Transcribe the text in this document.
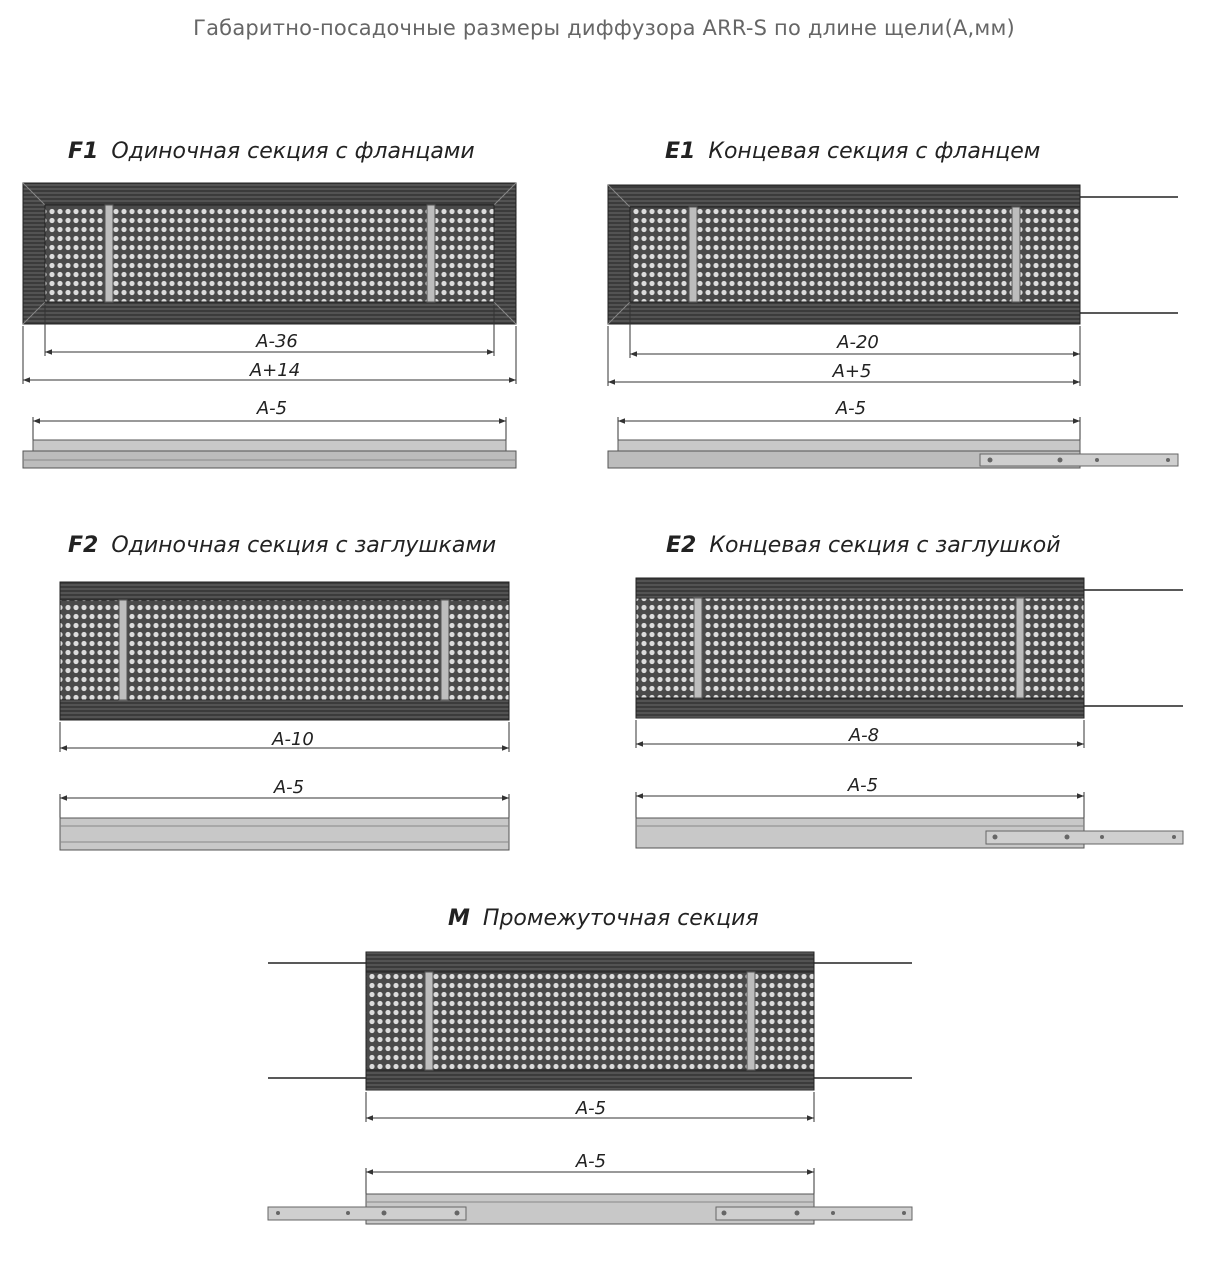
Габаритно-посадочные размеры диффузора ARR-S по длине щели(А,мм)
F1 Одиночная секция с фланцами
A-36
A+14
A-5
E1 Концевая секция с фланцем
A-20
A+5
A-5
F2 Одиночная секция с заглушками
A-10
A-5
E2 Концевая секция с заглушкой
A-8
A-5
M Промежуточная секция
A-5
A-5
